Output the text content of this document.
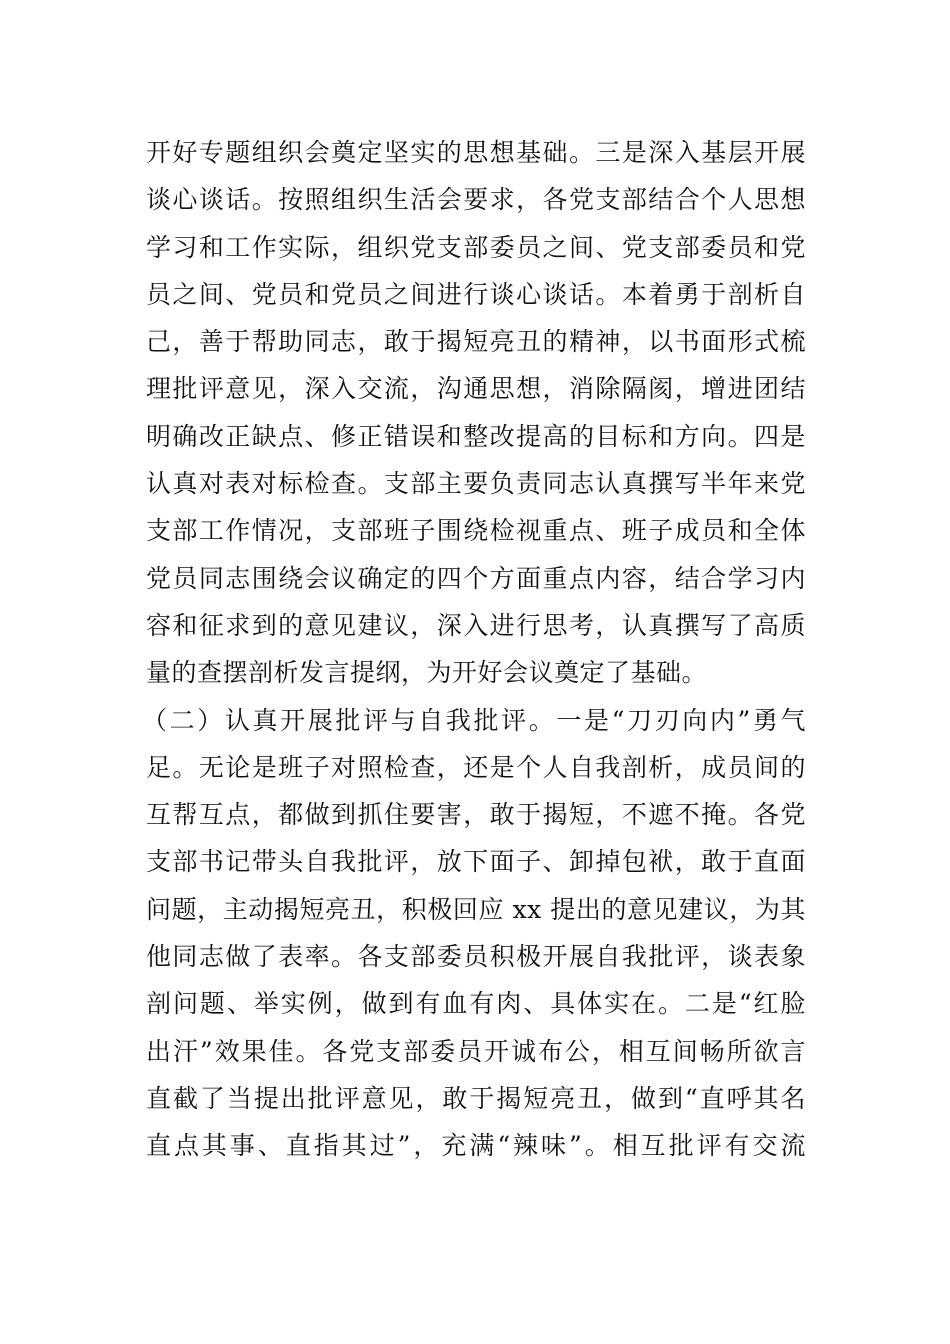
开好专题组织会奠定坚实的思想基础。三是深入基层开展
谈心谈话。按照组织生活会要求，各党支部结合个人思想
学习和工作实际，组织党支部委员之间、党支部委员和党
员之间、党员和党员之间进行谈心谈话。本着勇于剖析自
己，善于帮助同志，敢于揭短亮丑的精神，以书面形式梳
理批评意见，深入交流，沟通思想，消除隔阂，增进团结
明确改正缺点、修正错误和整改提高的目标和方向。四是
认真对表对标检查。支部主要负责同志认真撰写半年来党
支部工作情况，支部班子围绕检视重点、班子成员和全体
党员同志围绕会议确定的四个方面重点内容，结合学习内
容和征求到的意见建议，深入进行思考，认真撰写了高质
量的查摆剖析发言提纲，为开好会议奠定了基础。
（二）认真开展批评与自我批评。一是“刀刃向内”勇气
足。无论是班子对照检查，还是个人自我剖析，成员间的
互帮互点，都做到抓住要害，敢于揭短，不遮不掩。各党
支部书记带头自我批评，放下面子、卸掉包袱，敢于直面
问题，主动揭短亮丑，积极回应 xx 提出的意见建议，为其
他同志做了表率。各支部委员积极开展自我批评，谈表象
剖问题、举实例，做到有血有肉、具体实在。二是“红脸
出汗”效果佳。各党支部委员开诚布公，相互间畅所欲言
直截了当提出批评意见，敢于揭短亮丑，做到“直呼其名
直点其事、直指其过”，充满“辣味”。相互批评有交流
